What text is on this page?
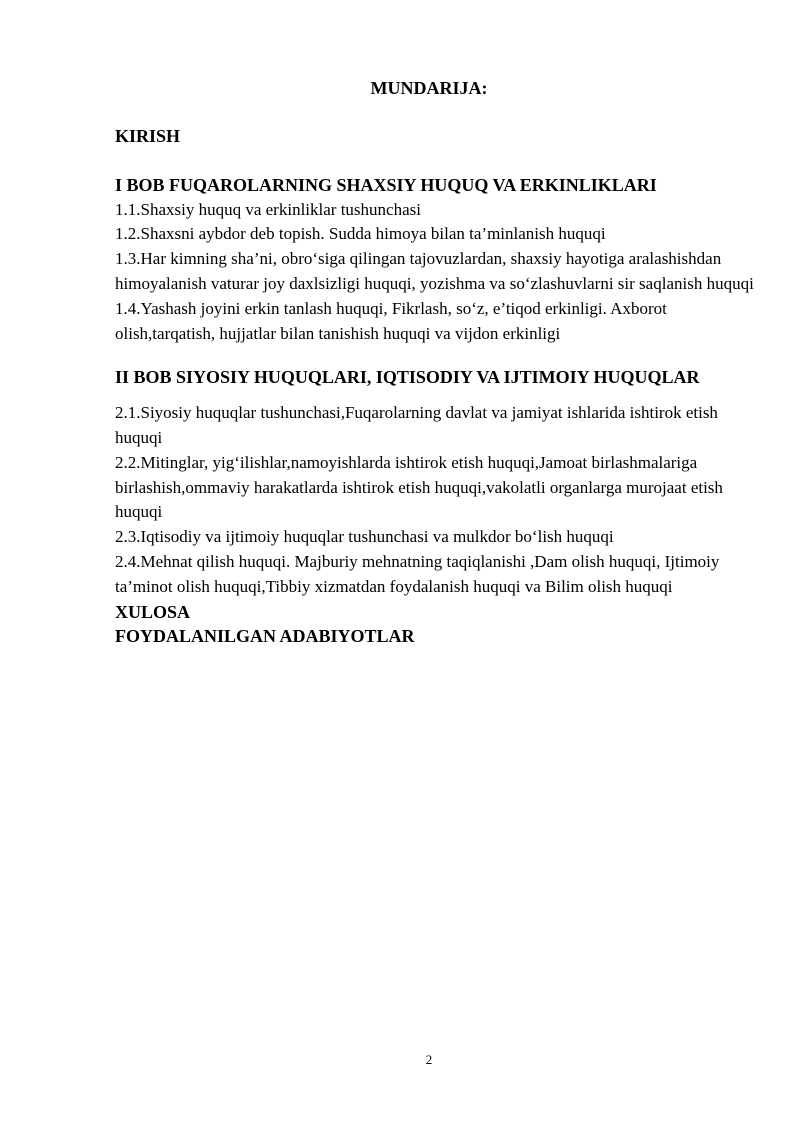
MUNDARIJA:

KIRISH

I BOB FUQAROLARNING SHAXSIY HUQUQ VA ERKINLIKLARI

1.1.Shaxsiy huquq va erkinliklar tushunchasi

1.2.Shaxsni aybdor deb topish. Sudda himoya bilan ta’minlanish huquqi

1.3.Har kimning sha’ni, obro‘siga qilingan tajovuzlardan, shaxsiy hayotiga aralashishdan himoyalanish vaturar joy daxlsizligi huquqi, yozishma va so‘zlashuvlarni sir saqlanish huquqi

1.4.Yashash joyini erkin tanlash huquqi, Fikrlash, so‘z, e’tiqod erkinligi. Axborot olish,tarqatish, hujjatlar bilan tanishish huquqi va vijdon erkinligi

II BOB SIYOSIY HUQUQLARI, IQTISODIY VA IJTIMOIY HUQUQLAR

2.1.Siyosiy huquqlar tushunchasi,Fuqarolarning davlat va jamiyat ishlarida ishtirok etish huquqi

2.2.Mitinglar, yig‘ilishlar,namoyishlarda ishtirok etish huquqi,Jamoat birlashmalariga birlashish,ommaviy harakatlarda ishtirok etish huquqi,vakolatli organlarga murojaat etish huquqi

2.3.Iqtisodiy va ijtimoiy huquqlar tushunchasi va mulkdor bo‘lish huquqi

2.4.Mehnat qilish huquqi. Majburiy mehnatning taqiqlanishi ,Dam olish huquqi, Ijtimoiy ta’minot olish huquqi,Tibbiy xizmatdan foydalanish huquqi va Bilim olish huquqi

XULOSA

FOYDALANILGAN ADABIYOTLAR

2
